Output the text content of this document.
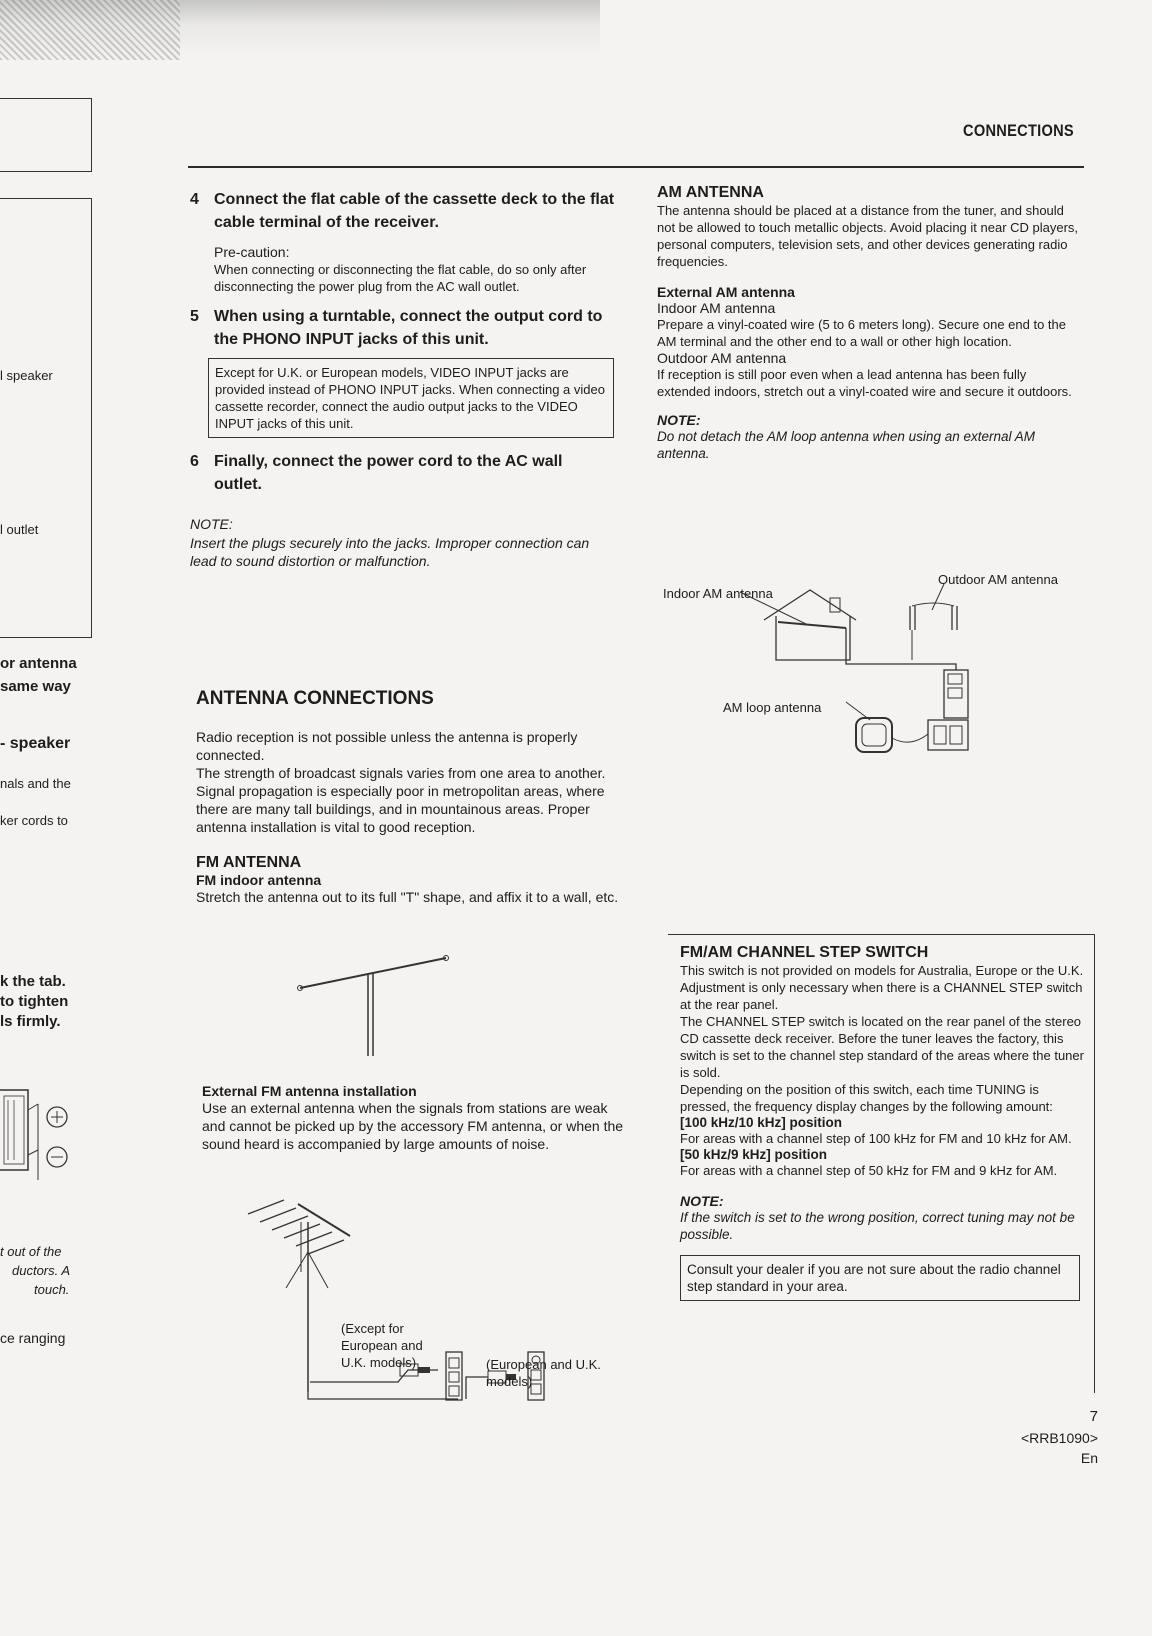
CONNECTIONS
l speaker
l outlet
or antenna
same way
- speaker
nals and the
ker cords to
k the tab.
to tighten
ls firmly.
t out of the
ductors. A
touch.
ce ranging
4 Connect the flat cable of the cassette deck to the flat cable terminal of the receiver.
Pre-caution:
When connecting or disconnecting the flat cable, do so only after disconnecting the power plug from the AC wall outlet.
5 When using a turntable, connect the output cord to the PHONO INPUT jacks of this unit.
Except for U.K. or European models, VIDEO INPUT jacks are provided instead of PHONO INPUT jacks. When connecting a video cassette recorder, connect the audio output jacks to the VIDEO INPUT jacks of this unit.
6 Finally, connect the power cord to the AC wall outlet.
NOTE:
Insert the plugs securely into the jacks. Improper connection can lead to sound distortion or malfunction.
ANTENNA CONNECTIONS
Radio reception is not possible unless the antenna is properly connected.
The strength of broadcast signals varies from one area to another. Signal propagation is especially poor in metropolitan areas, where there are many tall buildings, and in mountainous areas. Proper antenna installation is vital to good reception.
FM ANTENNA
FM indoor antenna
Stretch the antenna out to its full "T" shape, and affix it to a wall, etc.
External FM antenna installation
Use an external antenna when the signals from stations are weak and cannot be picked up by the accessory FM antenna, or when the sound heard is accompanied by large amounts of noise.
(Except for European and U.K. models)	(European and U.K. models)
AM ANTENNA
The antenna should be placed at a distance from the tuner, and should not be allowed to touch metallic objects. Avoid placing it near CD players, personal computers, television sets, and other devices generating radio frequencies.
External AM antenna
Indoor AM antenna
Prepare a vinyl-coated wire (5 to 6 meters long). Secure one end to the AM terminal and the other end to a wall or other high location.
Outdoor AM antenna
If reception is still poor even when a lead antenna has been fully extended indoors, stretch out a vinyl-coated wire and secure it outdoors.
NOTE:
Do not detach the AM loop antenna when using an external AM antenna.
Indoor AM antenna
Outdoor AM antenna
AM loop antenna
FM/AM CHANNEL STEP SWITCH
This switch is not provided on models for Australia, Europe or the U.K. Adjustment is only necessary when there is a CHANNEL STEP switch at the rear panel.
The CHANNEL STEP switch is located on the rear panel of the stereo CD cassette deck receiver. Before the tuner leaves the factory, this switch is set to the channel step standard of the areas where the tuner is sold.
Depending on the position of this switch, each time TUNING is pressed, the frequency display changes by the following amount:
[100 kHz/10 kHz] position
For areas with a channel step of 100 kHz for FM and 10 kHz for AM.
[50 kHz/9 kHz] position
For areas with a channel step of 50 kHz for FM and 9 kHz for AM.
NOTE:
If the switch is set to the wrong position, correct tuning may not be possible.
Consult your dealer if you are not sure about the radio channel step standard in your area.
7
<RRB1090>
En
